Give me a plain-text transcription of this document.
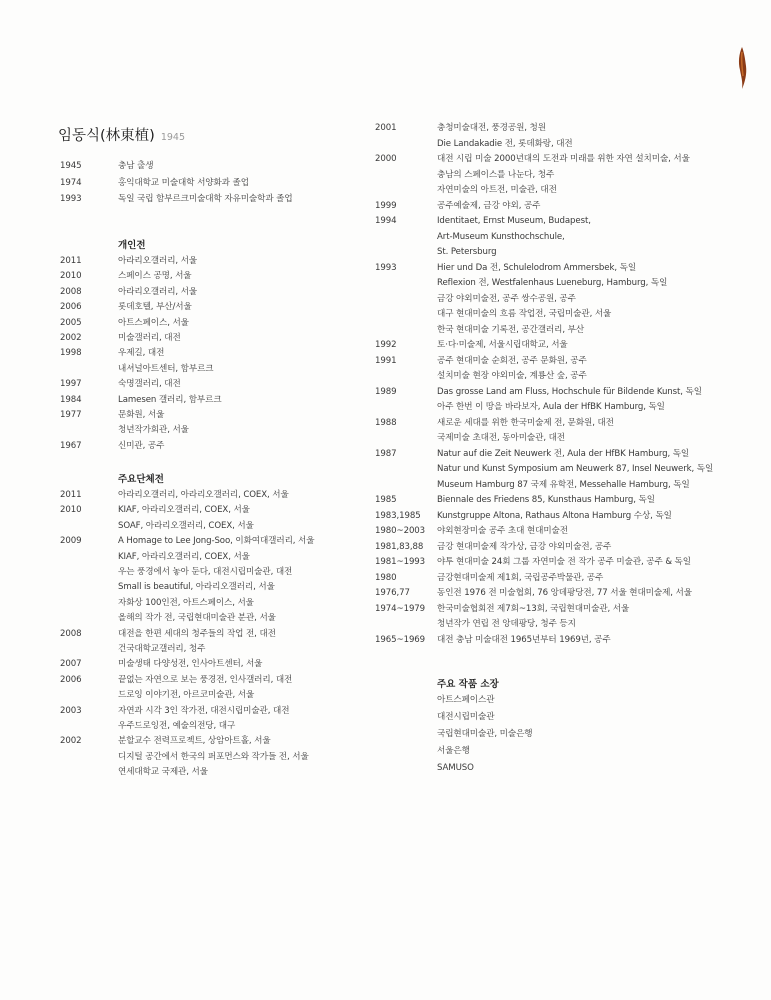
임동식(林東植) 1945
1945	충남 출생
1974	홍익대학교 미술대학 서양화과 졸업
1993	독일 국립 함부르크미술대학 자유미술학과 졸업
개인전
2011	아라리오갤러리, 서울
2010	스페이스 공명, 서울
2008	아라리오갤러리, 서울
2006	롯데호텔, 부산/서울
2005	아트스페이스, 서울
2002	미술갤러리, 대전
1998	우제길, 대전
내셔널아트센터, 함부르크
1997	숙명갤러리, 대전
1984	Lamesen 갤러리, 함부르크
1977	문화원, 서울
청년작가회관, 서울
1967	신미관, 공주
주요단체전
2011	아라리오갤러리, 아라리오갤러리, COEX, 서울
2010	KIAF, 아라리오갤러리, COEX, 서울
SOAF, 아라리오갤러리, COEX, 서울
2009	A Homage to Lee Jong-Soo, 이화여대갤러리, 서울
KIAF, 아라리오갤러리, COEX, 서울
우는 풍경에서 놓아 둔다, 대전시립미술관, 대전
Small is beautiful, 아라리오갤러리, 서울
자화상 100인전, 아트스페이스, 서울
올해의 작가 전, 국립현대미술관 분관, 서울
2008	대전을 한편 세대의 청주들의 작업 전, 대전
건국대학교갤러리, 청주
2007	미술생태 다양성전, 인사아트센터, 서울
2006	끝없는 자연으로 보는 풍경전, 인사갤러리, 대전
드로잉 이야기전, 아르코미술관, 서울
2003	자연과 시각 3인 작가전, 대전시립미술관, 대전
우주드로잉전, 예술의전당, 대구
2002	분할교수 전력프로젝트, 상암아트홀, 서울
디지털 공간에서 한국의 퍼포먼스와 작가들 전, 서울
연세대학교 국제관, 서울
2001	충청미술대전, 풍경공원, 청원
Die Landakadie 전, 롯데화랑, 대전
2000	대전 시립 미술 2000년대의 도전과 미래를 위한 자연 설치미술, 서울
충남의 스페이스를 나눈다, 청주
자연미술의 아트전, 미술관, 대전
1999	공주예술제, 금강 야외, 공주
1994	Identitaet, Ernst Museum, Budapest,
Art-Museum Kunsthochschule,
St. Petersburg
1993	Hier und Da 전, Schulelodrom Ammersbek, 독일
Reflexion 전, Westfalenhaus Lueneburg, Hamburg, 독일
금강 야외미술전, 공주 쌍수공원, 공주
대구 현대미술의 흐름 작업전, 국립미술관, 서울
한국 현대미술 기록전, 공간갤러리, 부산
1992	토·다·미술제, 서울시립대학교, 서울
1991	공주 현대미술 순회전, 공주 문화원, 공주
설치미술 현장 야외미술, 계룡산 숲, 공주
1989	Das grosse Land am Fluss, Hochschule für Bildende Kunst, 독일
아주 한번 이 땅을 바라보자, Aula der HfBK Hamburg, 독일
1988	새로운 세대를 위한 한국미술제 전, 문화원, 대전
국제미술 초대전, 동아미술관, 대전
1987	Natur auf die Zeit Neuwerk 전, Aula der HfBK Hamburg, 독일
Natur und Kunst Symposium am Neuwerk 87, Insel Neuwerk, 독일
Museum Hamburg 87 국제 유학전, Messehalle Hamburg, 독일
1985	Biennale des Friedens 85, Kunsthaus Hamburg, 독일
1983,1985	Kunstgruppe Altona, Rathaus Altona Hamburg 수상, 독일
1980~2003	야외현장미술 공주 초대 현대미술전
1981,83,88	금강 현대미술제 작가상, 금강 야외미술전, 공주
1981~1993	야투 현대미술 24회 그룹 자연미술 전 작가 공주 미술관, 공주 & 독일
1980	금강현대미술제 제1회, 국립공주박물관, 공주
1976,77	동인전 1976 전 미술협회, 76 앙데팡당전, 77 서울 현대미술제, 서울
1974~1979	한국미술협회전 제7회~13회, 국립현대미술관, 서울
청년작가 연립 전 앙데팡당, 청주 등지
1965~1969	대전 충남 미술대전 1965년부터 1969년, 공주
주요 작품 소장
아트스페이스관
대전시립미술관
국립현대미술관, 미술은행
서울은행
SAMUSO
